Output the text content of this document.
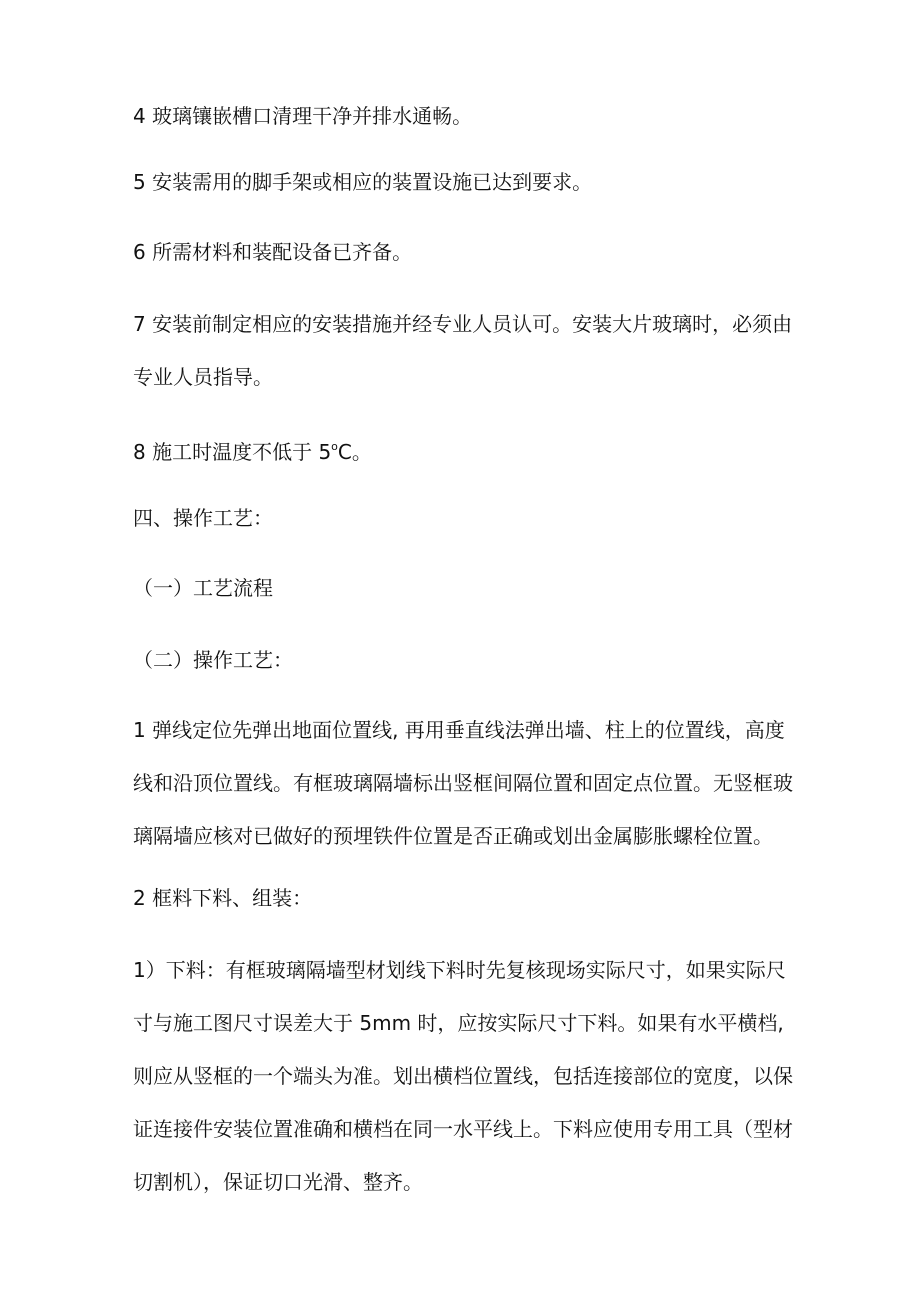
4 玻璃镶嵌槽口清理干净并排水通畅。

5 安装需用的脚手架或相应的装置设施已达到要求。

6 所需材料和装配设备已齐备。

7 安装前制定相应的安装措施并经专业人员认可。安装大片玻璃时，必须由
专业人员指导。

8 施工时温度不低于 5$^o$C。

四、操作工艺：

（一）工艺流程

（二）操作工艺：

1 弹线定位先弹出地面位置线, 再用垂直线法弹出墙、柱上的位置线，高度
线和沿顶位置线。有框玻璃隔墙标出竖框间隔位置和固定点位置。无竖框玻
璃隔墙应核对已做好的预埋铁件位置是否正确或划出金属膨胀螺栓位置。

2 框料下料、组装：

1）下料：有框玻璃隔墙型材划线下料时先复核现场实际尺寸，如果实际尺
寸与施工图尺寸误差大于 5mm 时，应按实际尺寸下料。如果有水平横档,
则应从竖框的一个端头为准。划出横档位置线，包括连接部位的宽度，以保
证连接件安装位置准确和横档在同一水平线上。下料应使用专用工具（型材
切割机），保证切口光滑、整齐。
